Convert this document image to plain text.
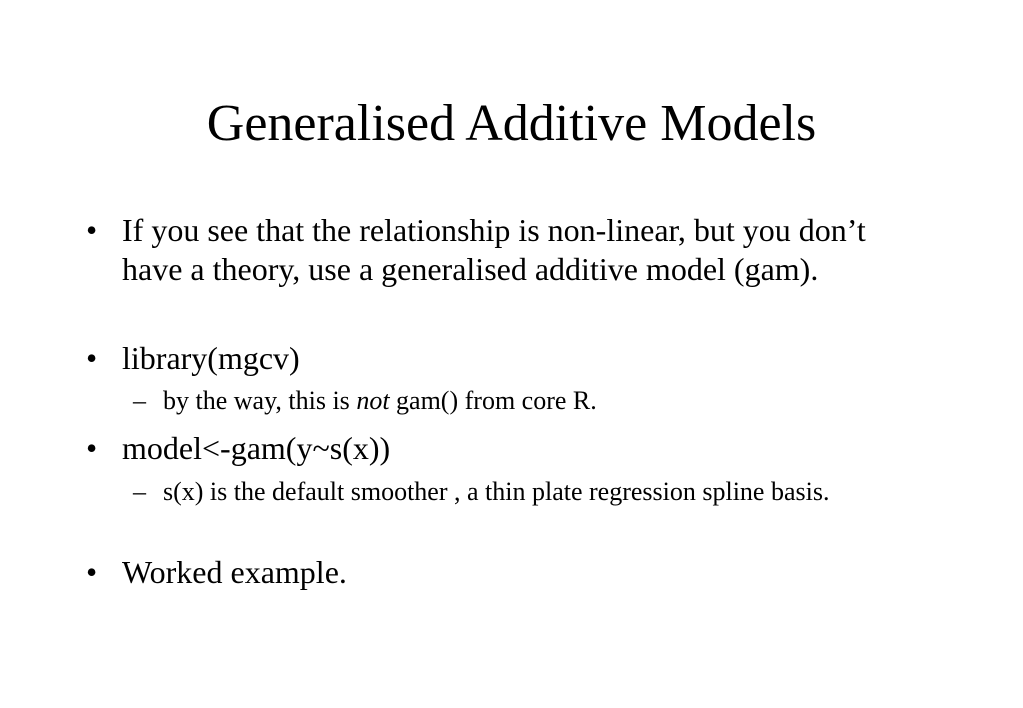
Generalised Additive Models
• If you see that the relationship is non-linear, but you don’t have a theory, use a generalised additive model (gam).
• library(mgcv)
– by the way, this is not gam() from core R.
• model<-gam(y~s(x))
– s(x) is the default smoother , a thin plate regression spline basis.
• Worked example.
